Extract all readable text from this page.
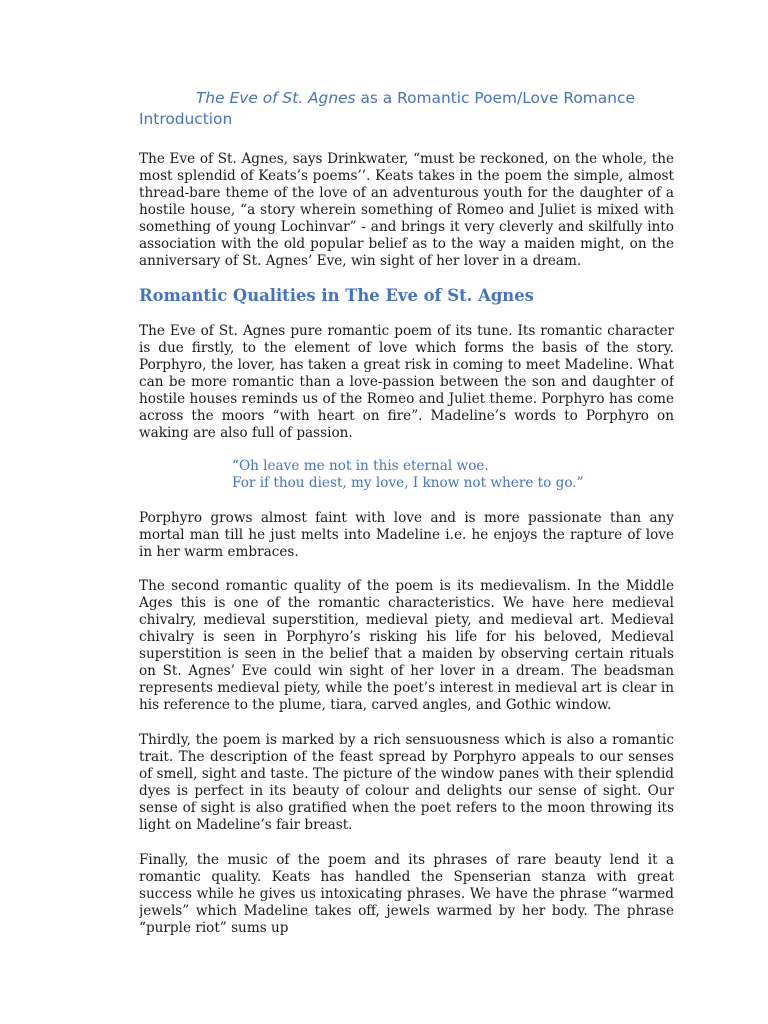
The Eve of St. Agnes as a Romantic Poem/Love Romance
Introduction

The Eve of St. Agnes, says Drinkwater, “must be reckoned, on the whole, the most splendid of Keats’s poems’’. Keats takes in the poem the simple, almost thread-bare theme of the love of an adventurous youth for the daughter of a hostile house, “a story wherein something of Romeo and Juliet is mixed with something of young Lochinvar” - and brings it very cleverly and skilfully into association with the old popular belief as to the way a maiden might, on the anniversary of St. Agnes’ Eve, win sight of her lover in a dream.

Romantic Qualities in The Eve of St. Agnes

The Eve of St. Agnes pure romantic poem of its tune. Its romantic character is due firstly, to the element of love which forms the basis of the story. Porphyro, the lover, has taken a great risk in coming to meet Madeline. What can be more romantic than a love-passion between the son and daughter of hostile houses reminds us of the Romeo and Juliet theme. Porphyro has come across the moors “with heart on fire”. Madeline’s words to Porphyro on waking are also full of passion.

“Oh leave me not in this eternal woe.
For if thou diest, my love, I know not where to go.”

Porphyro grows almost faint with love and is more passionate than any mortal man till he just melts into Madeline i.e. he enjoys the rapture of love in her warm embraces.

The second romantic quality of the poem is its medievalism. In the Middle Ages this is one of the romantic characteristics. We have here medieval chivalry, medieval superstition, medieval piety, and medieval art. Medieval chivalry is seen in Porphyro’s risking his life for his beloved, Medieval superstition is seen in the belief that a maiden by observing certain rituals on St. Agnes’ Eve could win sight of her lover in a dream. The beadsman represents medieval piety, while the poet’s interest in medieval art is clear in his reference to the plume, tiara, carved angles, and Gothic window.

Thirdly, the poem is marked by a rich sensuousness which is also a romantic trait. The description of the feast spread by Porphyro appeals to our senses of smell, sight and taste. The picture of the window panes with their splendid dyes is perfect in its beauty of colour and delights our sense of sight. Our sense of sight is also gratified when the poet refers to the moon throwing its light on Madeline’s fair breast.

Finally, the music of the poem and its phrases of rare beauty lend it a romantic quality. Keats has handled the Spenserian stanza with great success while he gives us intoxicating phrases. We have the phrase “warmed jewels” which Madeline takes off, jewels warmed by her body. The phrase “purple riot” sums up
